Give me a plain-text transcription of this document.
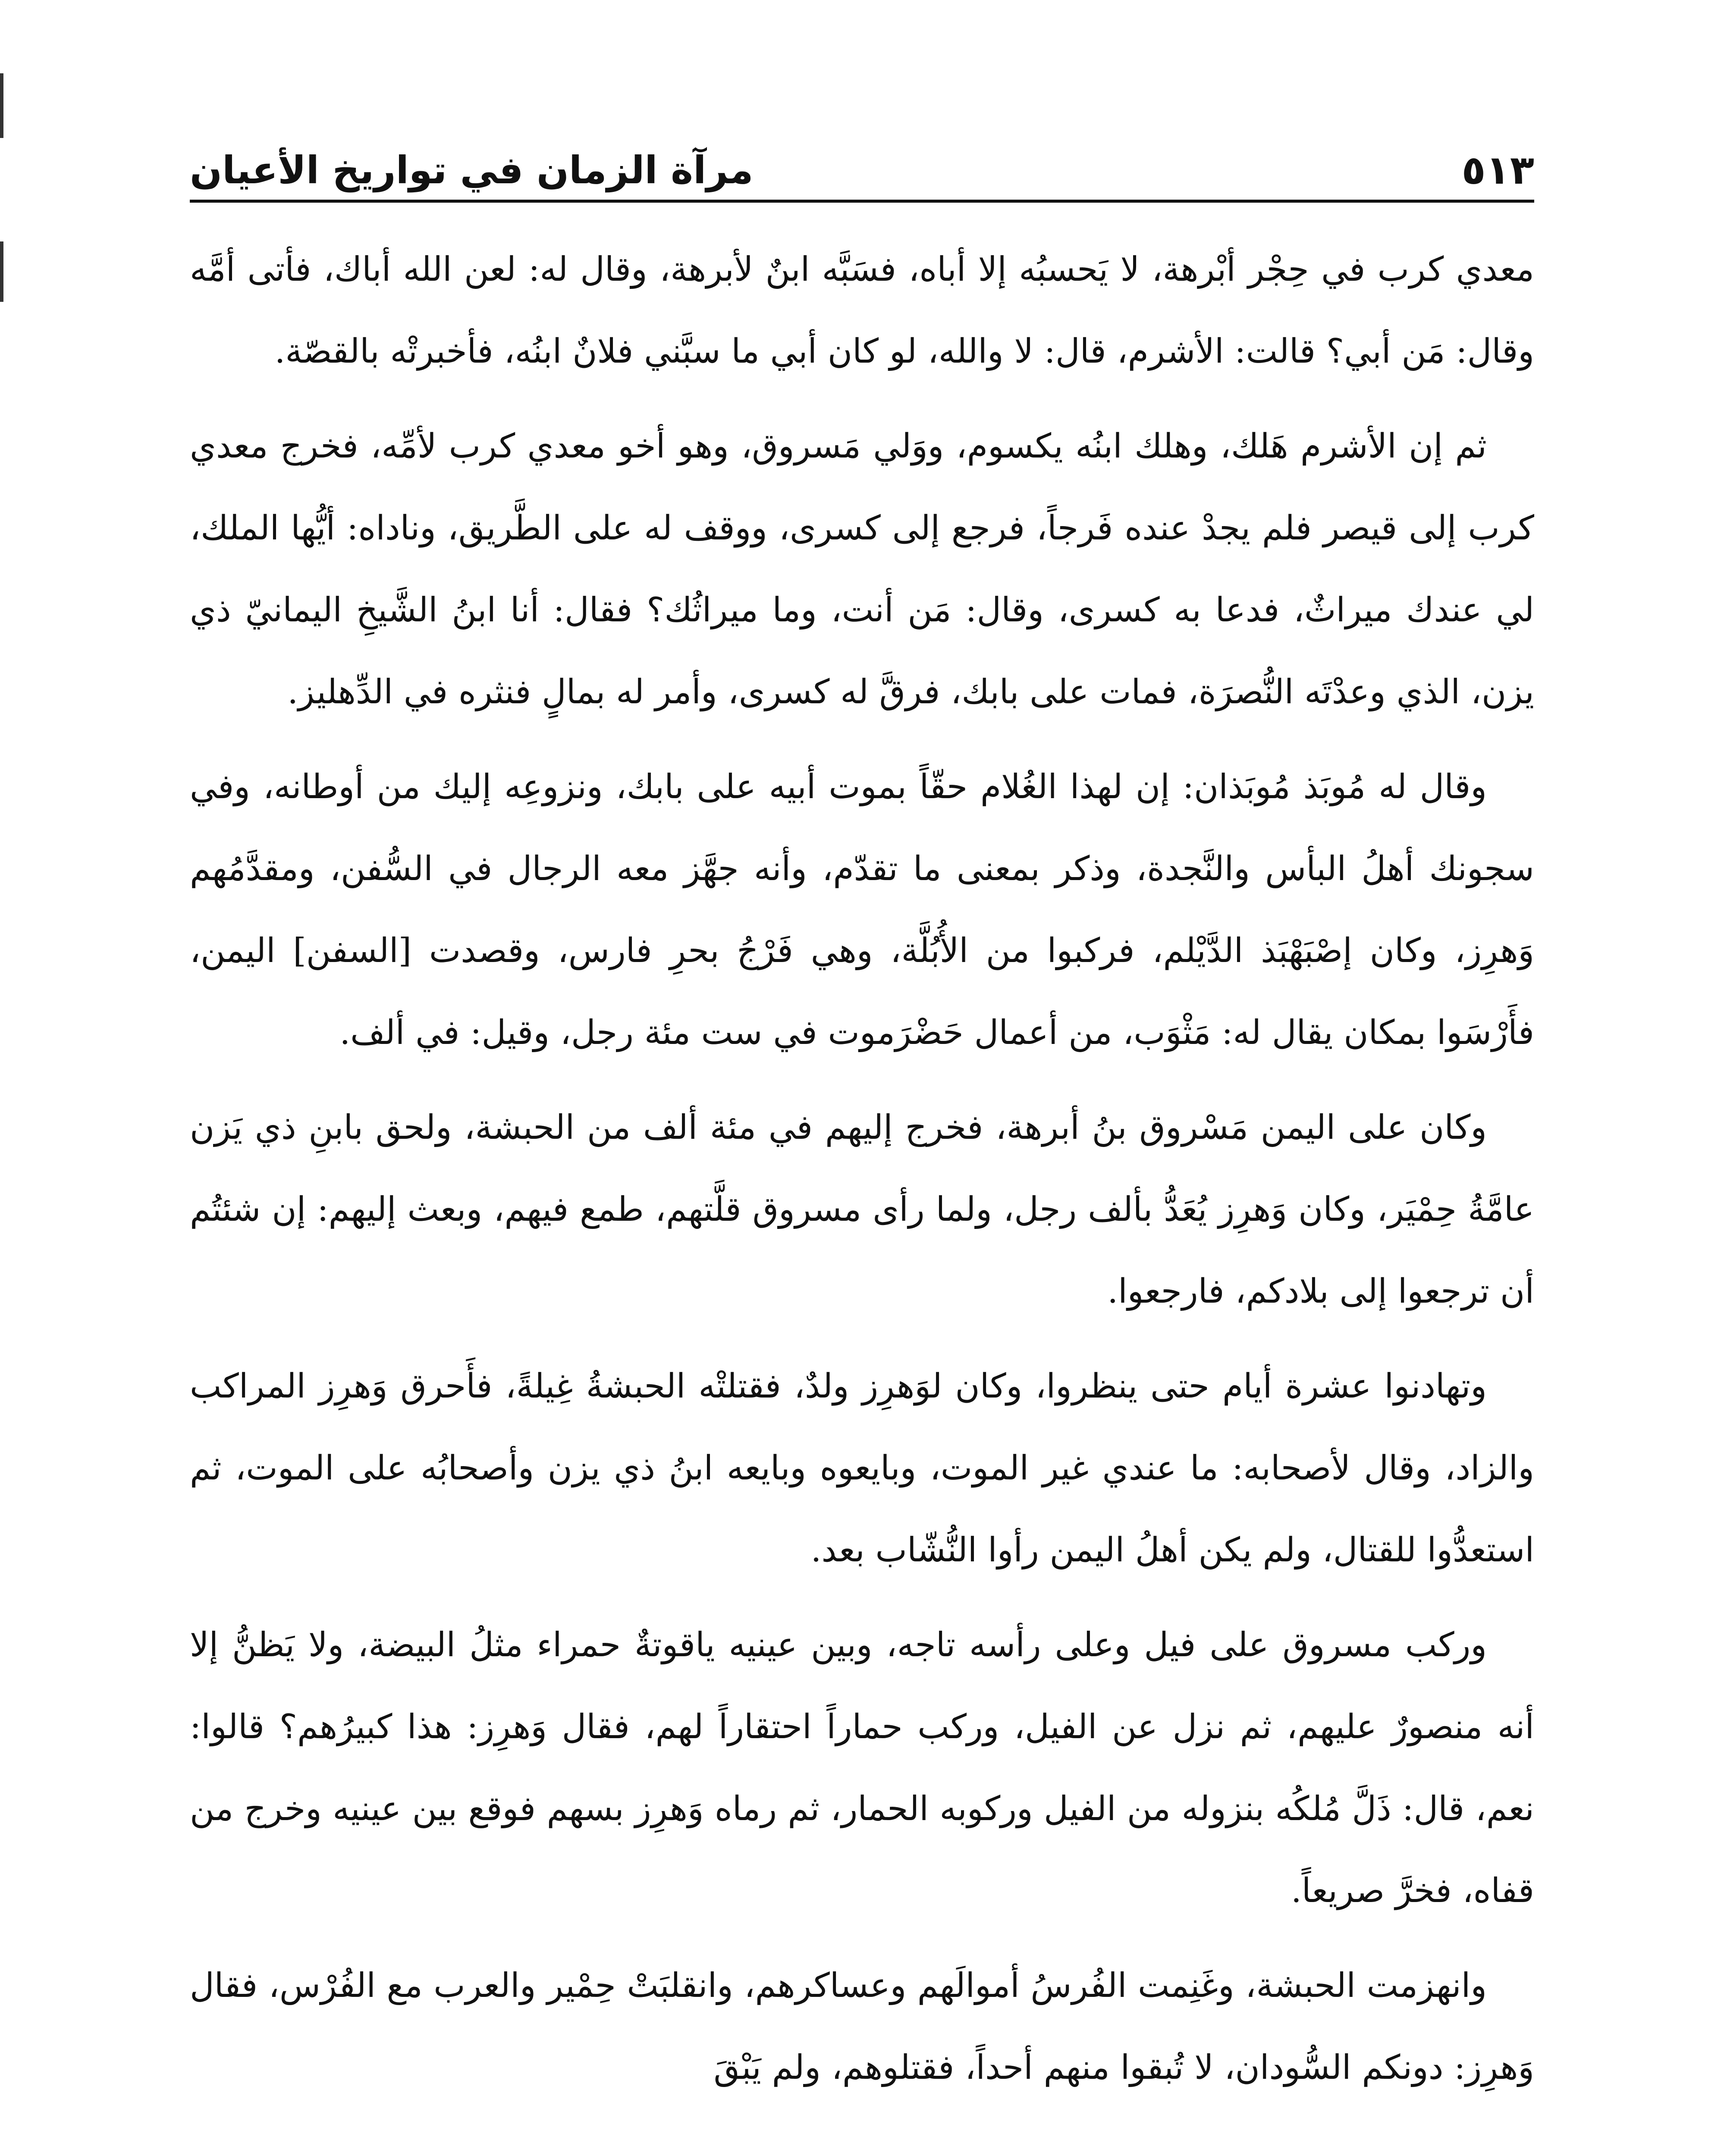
٥١٣
مرآة الزمان في تواريخ الأعيان

معدي كرب في حِجْر أبْرهة، لا يَحسبُه إلا أباه، فسَبَّه ابنٌ لأبرهة، وقال له: لعن الله أباك، فأتى أمَّه وقال: مَن أبي؟ قالت: الأشرم، قال: لا والله، لو كان أبي ما سبَّني فلانٌ ابنُه، فأخبرتْه بالقصّة.

ثم إن الأشرم هَلك، وهلك ابنُه يكسوم، ووَلي مَسروق، وهو أخو معدي كرب لأمِّه، فخرج معدي كرب إلى قيصر فلم يجدْ عنده فَرجاً، فرجع إلى كسرى، ووقف له على الطَّريق، وناداه: أيُّها الملك، لي عندك ميراثٌ، فدعا به كسرى، وقال: مَن أنت، وما ميراثُك؟ فقال: أنا ابنُ الشَّيخِ اليمانيّ ذي يزن، الذي وعدْتَه النُّصرَة، فمات على بابك، فرقَّ له كسرى، وأمر له بمالٍ فنثره في الدِّهليز.

وقال له مُوبَذ مُوبَذان: إن لهذا الغُلام حقّاً بموت أبيه على بابك، ونزوعِه إليك من أوطانه، وفي سجونك أهلُ البأس والنَّجدة، وذكر بمعنى ما تقدّم، وأنه جهَّز معه الرجال في السُّفن، ومقدَّمُهم وَهرِز، وكان إصْبَهْبَذ الدَّيْلم، فركبوا من الأُبُلَّة، وهي فَرْجُ بحرِ فارس، وقصدت [السفن] اليمن، فأَرْسَوا بمكان يقال له: مَثْوَب، من أعمال حَضْرَموت في ست مئة رجل، وقيل: في ألف.

وكان على اليمن مَسْروق بنُ أبرهة، فخرج إليهم في مئة ألف من الحبشة، ولحق بابنِ ذي يَزن عامَّةُ حِمْيَر، وكان وَهرِز يُعَدُّ بألف رجل، ولما رأى مسروق قلَّتهم، طمع فيهم، وبعث إليهم: إن شئتُم أن ترجعوا إلى بلادكم، فارجعوا.

وتهادنوا عشرة أيام حتى ينظروا، وكان لوَهرِز ولدٌ، فقتلتْه الحبشةُ غِيلةً، فأَحرق وَهرِز المراكب والزاد، وقال لأصحابه: ما عندي غير الموت، وبايعوه وبايعه ابنُ ذي يزن وأصحابُه على الموت، ثم استعدُّوا للقتال، ولم يكن أهلُ اليمن رأوا النُّشّاب بعد.

وركب مسروق على فيل وعلى رأسه تاجه، وبين عينيه ياقوتةٌ حمراء مثلُ البيضة، ولا يَظنُّ إلا أنه منصورٌ عليهم، ثم نزل عن الفيل، وركب حماراً احتقاراً لهم، فقال وَهرِز: هذا كبيرُهم؟ قالوا: نعم، قال: ذَلَّ مُلكُه بنزوله من الفيل وركوبه الحمار، ثم رماه وَهرِز بسهم فوقع بين عينيه وخرج من قفاه، فخرَّ صريعاً.

وانهزمت الحبشة، وغَنِمت الفُرسُ أموالَهم وعساكرهم، وانقلبَتْ حِمْير والعرب مع الفُرْس، فقال وَهرِز: دونكم السُّودان، لا تُبقوا منهم أحداً، فقتلوهم، ولم يَبْقَ
